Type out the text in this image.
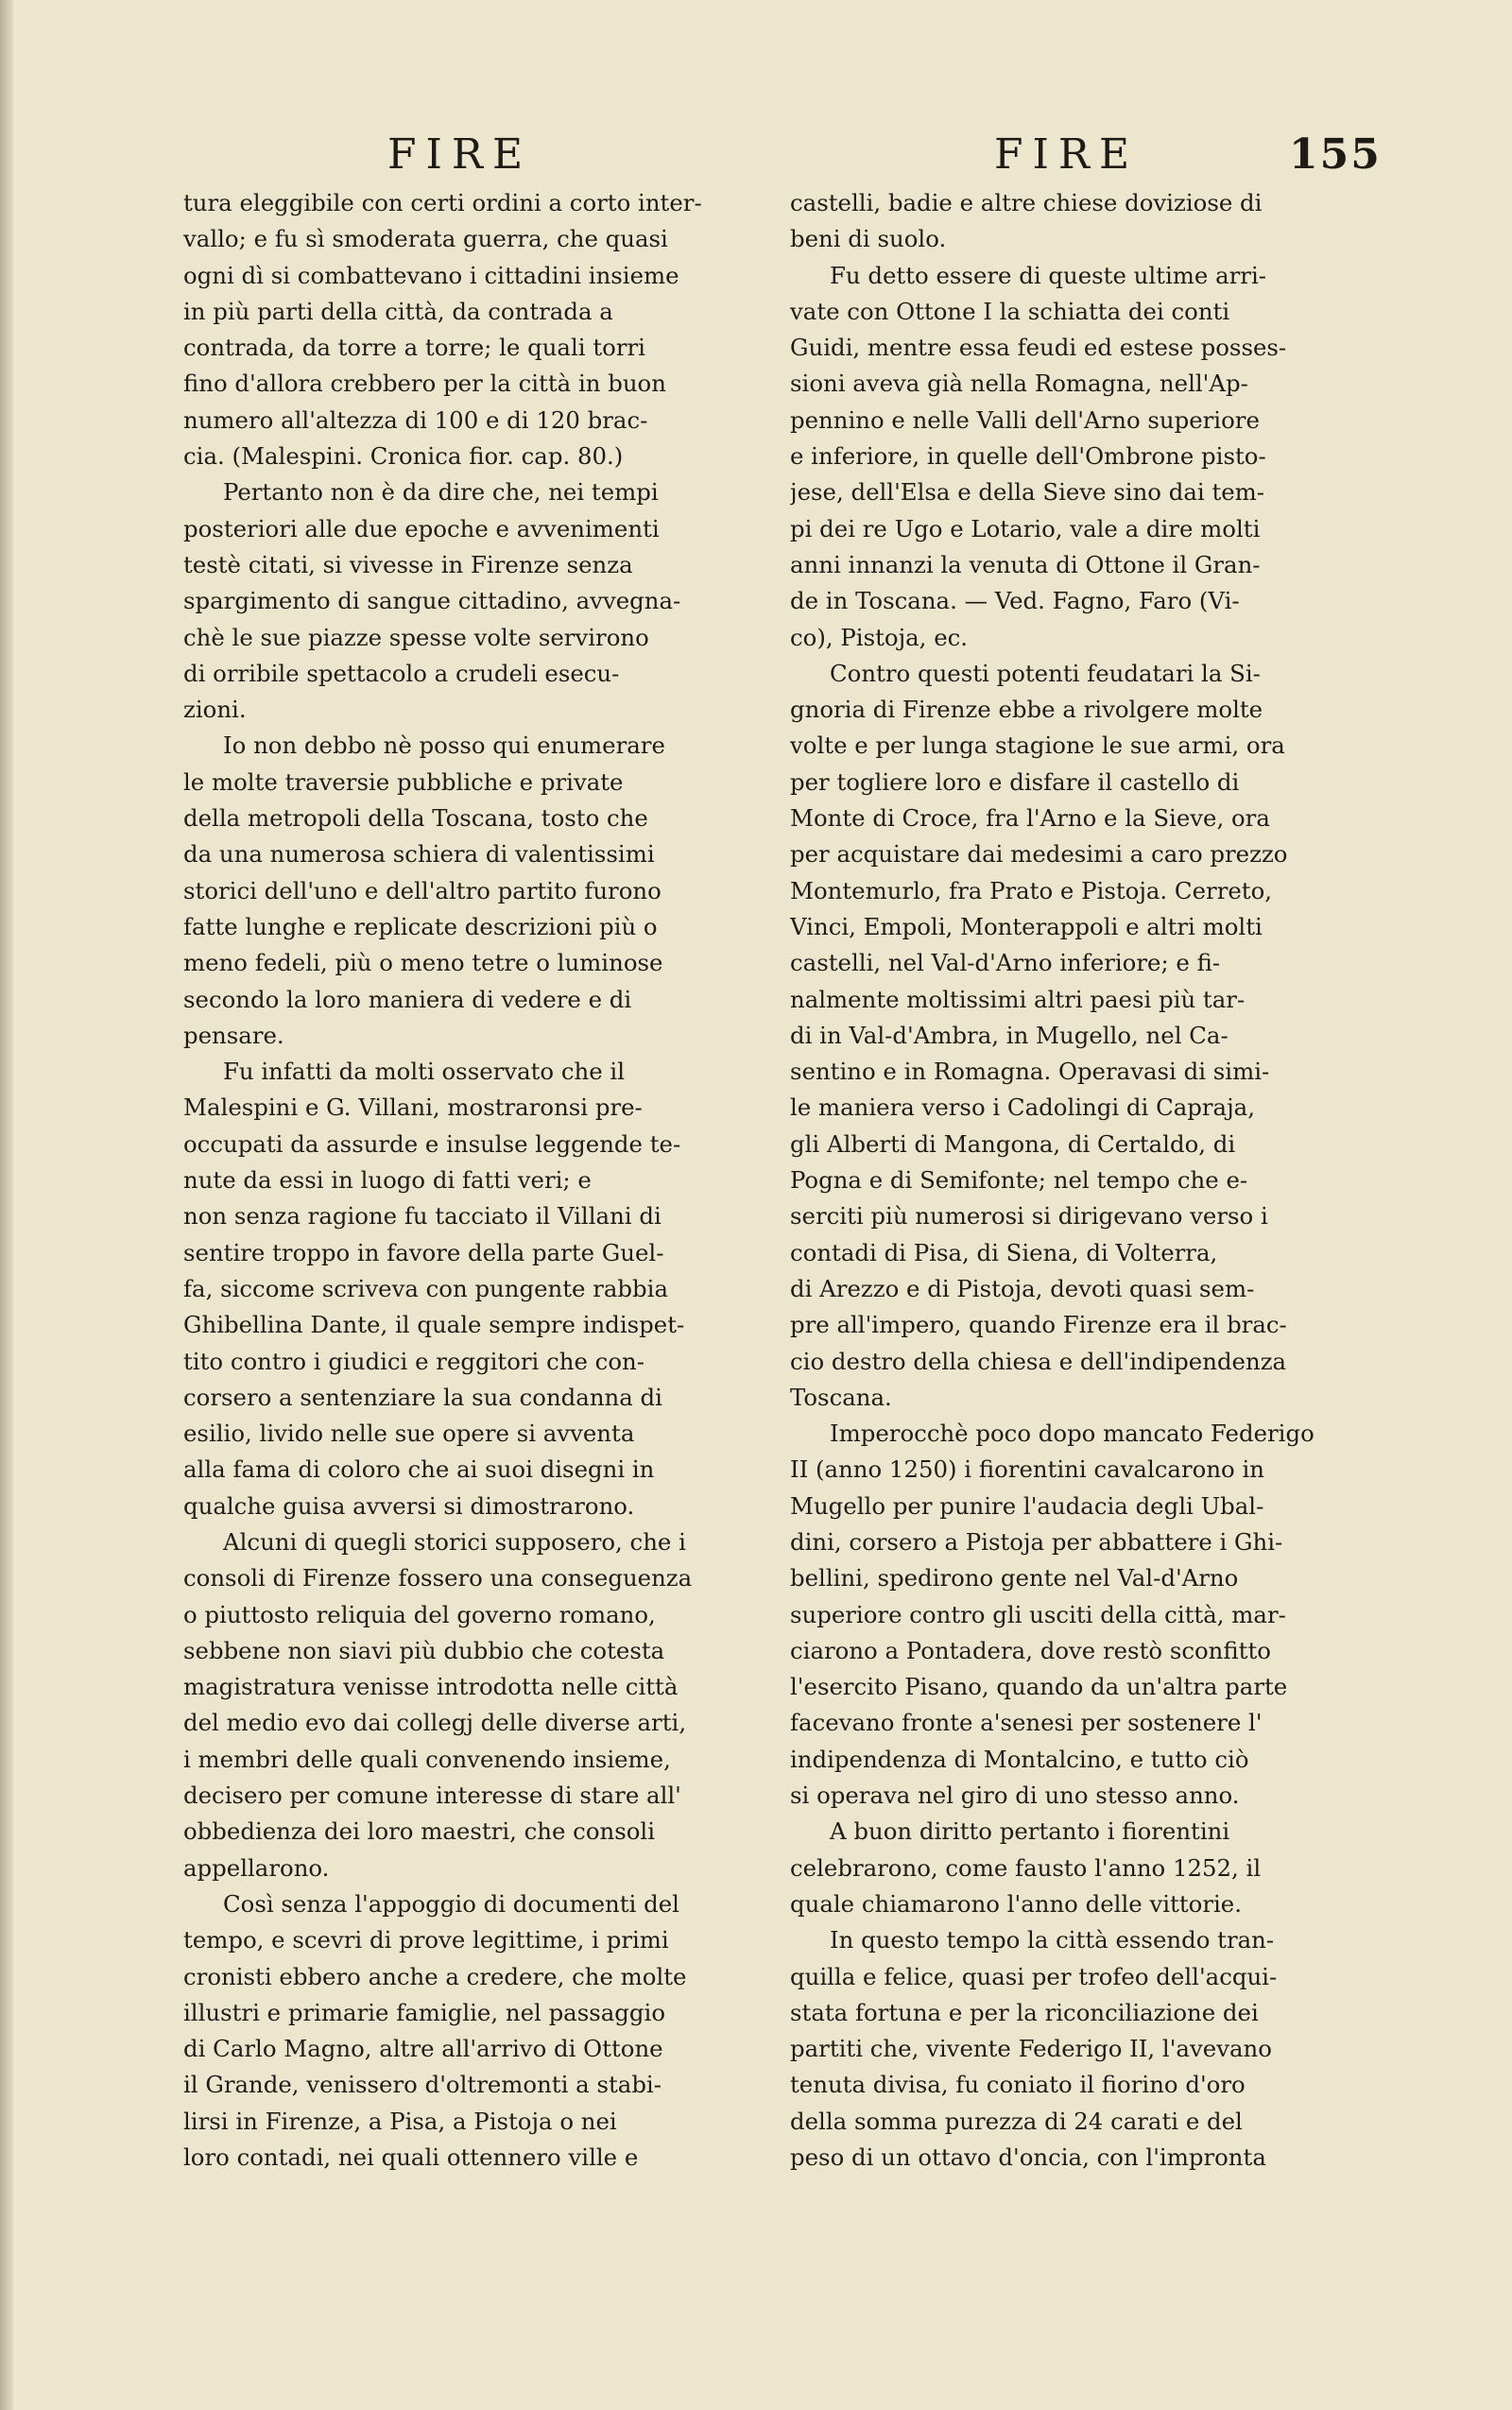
FIRE	FIRE	155

tura eleggibile con certi ordini a corto inter-
vallo; e fu sì smoderata guerra, che quasi
ogni dì si combattevano i cittadini insieme
in più parti della città, da contrada a
contrada, da torre a torre; le quali torri
fino d'allora crebbero per la città in buon
numero all'altezza di 100 e di 120 brac-
cia. (Malespini. Cronica fior. cap. 80.)

Pertanto non è da dire che, nei tempi
posteriori alle due epoche e avvenimenti
testè citati, si vivesse in Firenze senza
spargimento di sangue cittadino, avvegna-
chè le sue piazze spesse volte servirono
di orribile spettacolo a crudeli esecu-
zioni.

Io non debbo nè posso qui enumerare
le molte traversie pubbliche e private
della metropoli della Toscana, tosto che
da una numerosa schiera di valentissimi
storici dell'uno e dell'altro partito furono
fatte lunghe e replicate descrizioni più o
meno fedeli, più o meno tetre o luminose
secondo la loro maniera di vedere e di
pensare.

Fu infatti da molti osservato che il
Malespini e G. Villani, mostraronsi pre-
occupati da assurde e insulse leggende te-
nute da essi in luogo di fatti veri; e
non senza ragione fu tacciato il Villani di
sentire troppo in favore della parte Guel-
fa, siccome scriveva con pungente rabbia
Ghibellina Dante, il quale sempre indispet-
tito contro i giudici e reggitori che con-
corsero a sentenziare la sua condanna di
esilio, livido nelle sue opere si avventa
alla fama di coloro che ai suoi disegni in
qualche guisa avversi si dimostrarono.

Alcuni di quegli storici supposero, che i
consoli di Firenze fossero una conseguenza
o piuttosto reliquia del governo romano,
sebbene non siavi più dubbio che cotesta
magistratura venisse introdotta nelle città
del medio evo dai collegj delle diverse arti,
i membri delle quali convenendo insieme,
decisero per comune interesse di stare all'
obbedienza dei loro maestri, che consoli
appellarono.

Così senza l'appoggio di documenti del
tempo, e scevri di prove legittime, i primi
cronisti ebbero anche a credere, che molte
illustri e primarie famiglie, nel passaggio
di Carlo Magno, altre all'arrivo di Ottone
il Grande, venissero d'oltremonti a stabi-
lirsi in Firenze, a Pisa, a Pistoja o nei
loro contadi, nei quali ottennero ville e

castelli, badie e altre chiese doviziose di
beni di suolo.

Fu detto essere di queste ultime arri-
vate con Ottone I la schiatta dei conti
Guidi, mentre essa feudi ed estese posses-
sioni aveva già nella Romagna, nell'Ap-
pennino e nelle Valli dell'Arno superiore
e inferiore, in quelle dell'Ombrone pisto-
jese, dell'Elsa e della Sieve sino dai tem-
pi dei re Ugo e Lotario, vale a dire molti
anni innanzi la venuta di Ottone il Gran-
de in Toscana. — Ved. Fagno, Faro (Vi-
co), Pistoja, ec.

Contro questi potenti feudatari la Si-
gnoria di Firenze ebbe a rivolgere molte
volte e per lunga stagione le sue armi, ora
per togliere loro e disfare il castello di
Monte di Croce, fra l'Arno e la Sieve, ora
per acquistare dai medesimi a caro prezzo
Montemurlo, fra Prato e Pistoja. Cerreto,
Vinci, Empoli, Monterappoli e altri molti
castelli, nel Val-d'Arno inferiore; e fi-
nalmente moltissimi altri paesi più tar-
di in Val-d'Ambra, in Mugello, nel Ca-
sentino e in Romagna. Operavasi di simi-
le maniera verso i Cadolingi di Capraja,
gli Alberti di Mangona, di Certaldo, di
Pogna e di Semifonte; nel tempo che e-
serciti più numerosi si dirigevano verso i
contadi di Pisa, di Siena, di Volterra,
di Arezzo e di Pistoja, devoti quasi sem-
pre all'impero, quando Firenze era il brac-
cio destro della chiesa e dell'indipendenza
Toscana.

Imperocchè poco dopo mancato Federigo
II (anno 1250) i fiorentini cavalcarono in
Mugello per punire l'audacia degli Ubal-
dini, corsero a Pistoja per abbattere i Ghi-
bellini, spedirono gente nel Val-d'Arno
superiore contro gli usciti della città, mar-
ciarono a Pontadera, dove restò sconfitto
l'esercito Pisano, quando da un'altra parte
facevano fronte a'senesi per sostenere l'
indipendenza di Montalcino, e tutto ciò
si operava nel giro di uno stesso anno.

A buon diritto pertanto i fiorentini
celebrarono, come fausto l'anno 1252, il
quale chiamarono l'anno delle vittorie.

In questo tempo la città essendo tran-
quilla e felice, quasi per trofeo dell'acqui-
stata fortuna e per la riconciliazione dei
partiti che, vivente Federigo II, l'avevano
tenuta divisa, fu coniato il fiorino d'oro
della somma purezza di 24 carati e del
peso di un ottavo d'oncia, con l'impronta
